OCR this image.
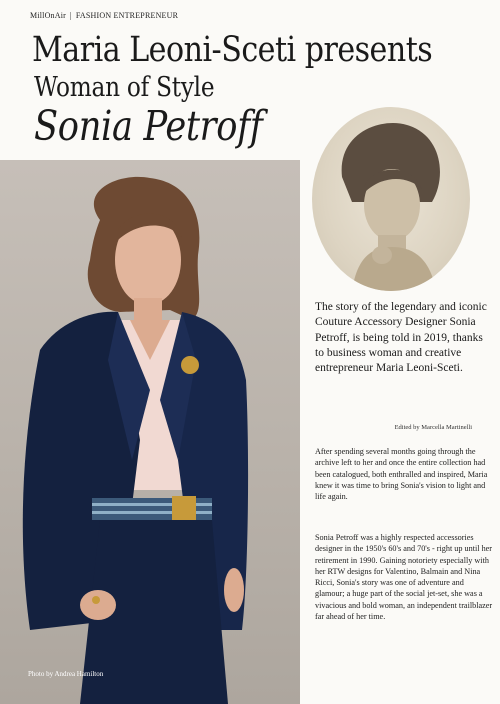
MillOnAir | FASHION ENTREPRENEUR
Maria Leoni-Sceti presents
Woman of Style
Sonia Petroff
Photo by Andrea Hamilton
The story of the legendary and iconic Couture Accessory Designer Sonia Petroff, is being told in 2019, thanks to business woman and creative entrepreneur Maria Leoni-Sceti.
Edited by Marcella Martinelli
After spending several months going through the archive left to her and once the entire collection had been catalogued, both enthralled and inspired, Maria knew it was time to bring Sonia's vision to light and life again.
Sonia Petroff was a highly respected accessories designer in the 1950's 60's and 70's - right up until her retirement in 1990. Gaining notoriety especially with her RTW designs for Valentino, Balmain and Nina Ricci, Sonia's story was one of adventure and glamour; a huge part of the social jet-set, she was a vivacious and bold woman, an independent trailblazer far ahead of her time.
